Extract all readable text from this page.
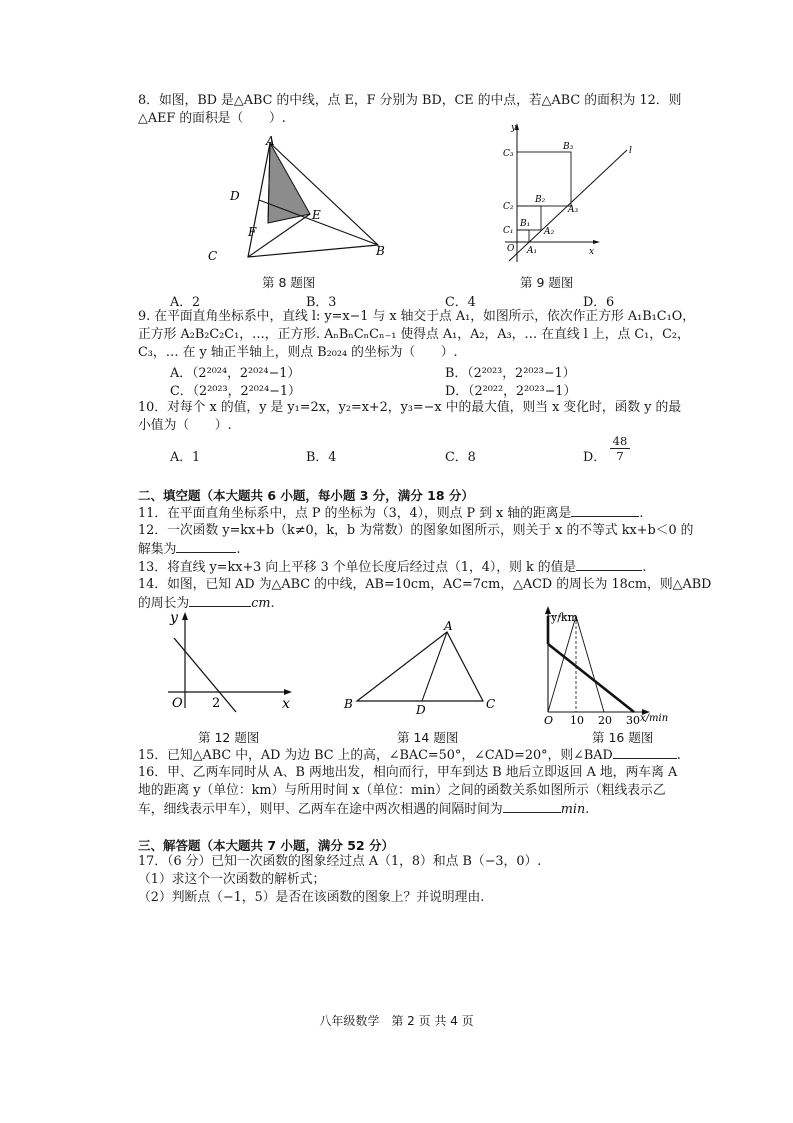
8．如图，BD 是△ABC 的中线，点 E，F 分别为 BD，CE 的中点，若△ABC 的面积为 12．则
△AEF 的面积是（　　）.
A
B
C
D
E
F
第 8 题图
y
x
O
l
C₁
C₂
C₃
B₁
B₂
B₃
A₁
A₂
A₃
第 9 题图
A．2	B．3	C．4	D．6
9. 在平面直角坐标系中，直线 l: y=x−1 与 x 轴交于点 A₁，如图所示，依次作正方形 A₁B₁C₁O，
正方形 A₂B₂C₂C₁，…，正方形. AₙBₙCₙCₙ₋₁ 使得点 A₁，A₂，A₃，… 在直线 l 上，点 C₁，C₂，
C₃，… 在 y 轴正半轴上，则点 B₂₀₂₄ 的坐标为（　　）.
A．（2²⁰²⁴，2²⁰²⁴−1）	B．（2²⁰²³，2²⁰²³−1）
C．（2²⁰²³，2²⁰²⁴−1）	D．（2²⁰²²，2²⁰²³−1）
10．对每个 x 的值，y 是 y₁=2x，y₂=x+2，y₃=−x 中的最大值，则当 x 变化时，函数 y 的最
小值为（　　）.
A．1	B．4	C．8	D． $\frac{48}{7}$
二、填空题（本大题共 6 小题，每小题 3 分，满分 18 分）
11．在平面直角坐标系中，点 P 的坐标为（3，4），则点 P 到 x 轴的距离是	.
12．一次函数 y=kx+b（k≠0，k，b 为常数）的图象如图所示，则关于 x 的不等式 kx+b＜0 的
解集为	.
13．将直线 y=kx+3 向上平移 3 个单位长度后经过点（1，4），则 k 的值是	.
14．如图，已知 AD 为△ABC 的中线，AB=10cm，AC=7cm，△ACD 的周长为 18cm，则△ABD
的周长为	cm.
y
x
O 2
第 12 题图
A
B	C
D
第 14 题图
y/km
x/min
O 10 20 30
第 16 题图
15．已知△ABC 中，AD 为边 BC 上的高，∠BAC=50°，∠CAD=20°，则∠BAD	.
16．甲、乙两车同时从 A、B 两地出发，相向而行，甲车到达 B 地后立即返回 A 地，两车离 A
地的距离 y（单位：km）与所用时间 x（单位：min）之间的函数关系如图所示（粗线表示乙
车，细线表示甲车），则甲、乙两车在途中两次相遇的间隔时间为	min.
三、解答题（本大题共 7 小题，满分 52 分）
17．（6 分）已知一次函数的图象经过点 A（1，8）和点 B（−3，0）.
（1）求这个一次函数的解析式；
（2）判断点（−1，5）是否在该函数的图象上？并说明理由.
八年级数学　第 2 页 共 4 页
